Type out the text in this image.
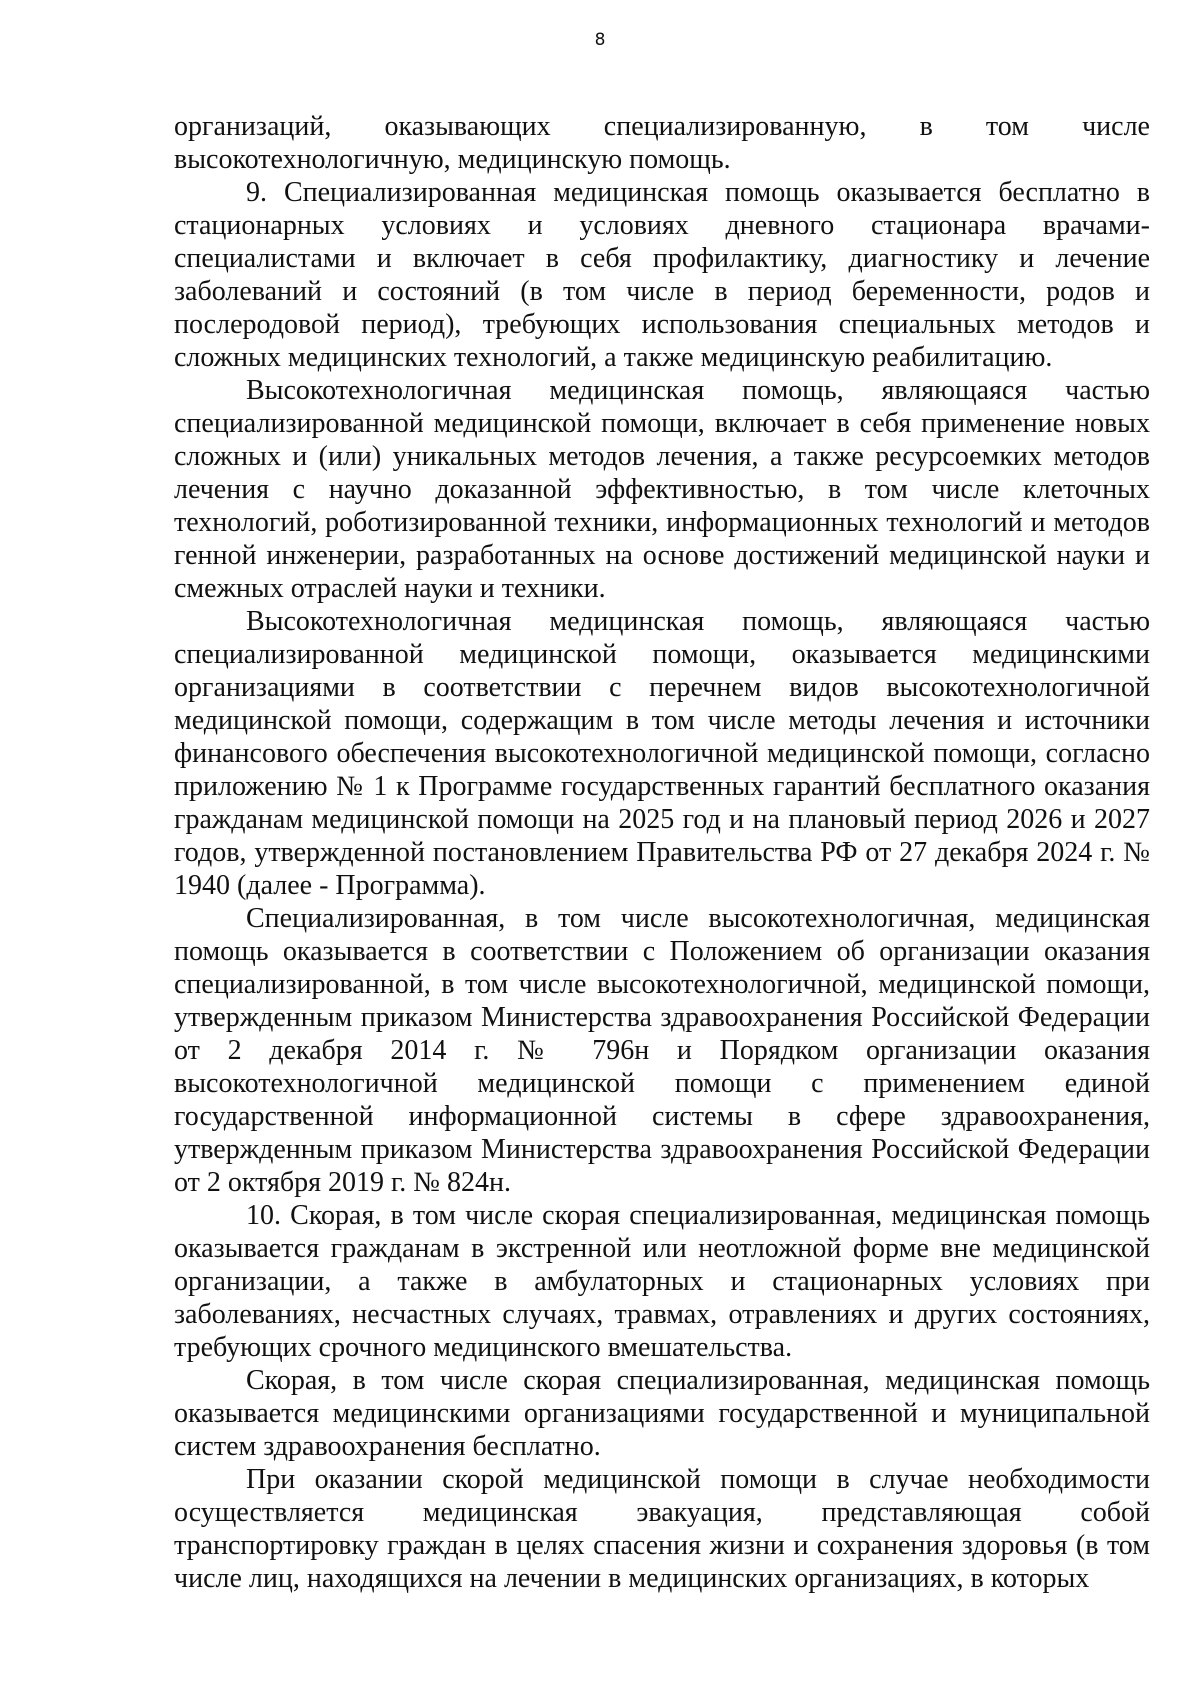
8

организаций, оказывающих специализированную, в том числе высокотехнологичную, медицинскую помощь.

9. Специализированная медицинская помощь оказывается бесплатно в стационарных условиях и условиях дневного стационара врачами-специалистами и включает в себя профилактику, диагностику и лечение заболеваний и состояний (в том числе в период беременности, родов и послеродовой период), требующих использования специальных методов и сложных медицинских технологий, а также медицинскую реабилитацию.

Высокотехнологичная медицинская помощь, являющаяся частью специализированной медицинской помощи, включает в себя применение новых сложных и (или) уникальных методов лечения, а также ресурсоемких методов лечения с научно доказанной эффективностью, в том числе клеточных технологий, роботизированной техники, информационных технологий и методов генной инженерии, разработанных на основе достижений медицинской науки и смежных отраслей науки и техники.

Высокотехнологичная медицинская помощь, являющаяся частью специализированной медицинской помощи, оказывается медицинскими организациями в соответствии с перечнем видов высокотехнологичной медицинской помощи, содержащим в том числе методы лечения и источники финансового обеспечения высокотехнологичной медицинской помощи, согласно приложению № 1 к Программе государственных гарантий бесплатного оказания гражданам медицинской помощи на 2025 год и на плановый период 2026 и 2027 годов, утвержденной постановлением Правительства РФ от 27 декабря 2024 г. № 1940 (далее - Программа).

Специализированная, в том числе высокотехнологичная, медицинская помощь оказывается в соответствии с Положением об организации оказания специализированной, в том числе высокотехнологичной, медицинской помощи, утвержденным приказом Министерства здравоохранения Российской Федерации от 2 декабря 2014 г. № 796н и Порядком организации оказания высокотехнологичной медицинской помощи с применением единой государственной информационной системы в сфере здравоохранения, утвержденным приказом Министерства здравоохранения Российской Федерации от 2 октября 2019 г. № 824н.

10. Скорая, в том числе скорая специализированная, медицинская помощь оказывается гражданам в экстренной или неотложной форме вне медицинской организации, а также в амбулаторных и стационарных условиях при заболеваниях, несчастных случаях, травмах, отравлениях и других состояниях, требующих срочного медицинского вмешательства.

Скорая, в том числе скорая специализированная, медицинская помощь оказывается медицинскими организациями государственной и муниципальной систем здравоохранения бесплатно.

При оказании скорой медицинской помощи в случае необходимости осуществляется медицинская эвакуация, представляющая собой транспортировку граждан в целях спасения жизни и сохранения здоровья (в том числе лиц, находящихся на лечении в медицинских организациях, в которых
